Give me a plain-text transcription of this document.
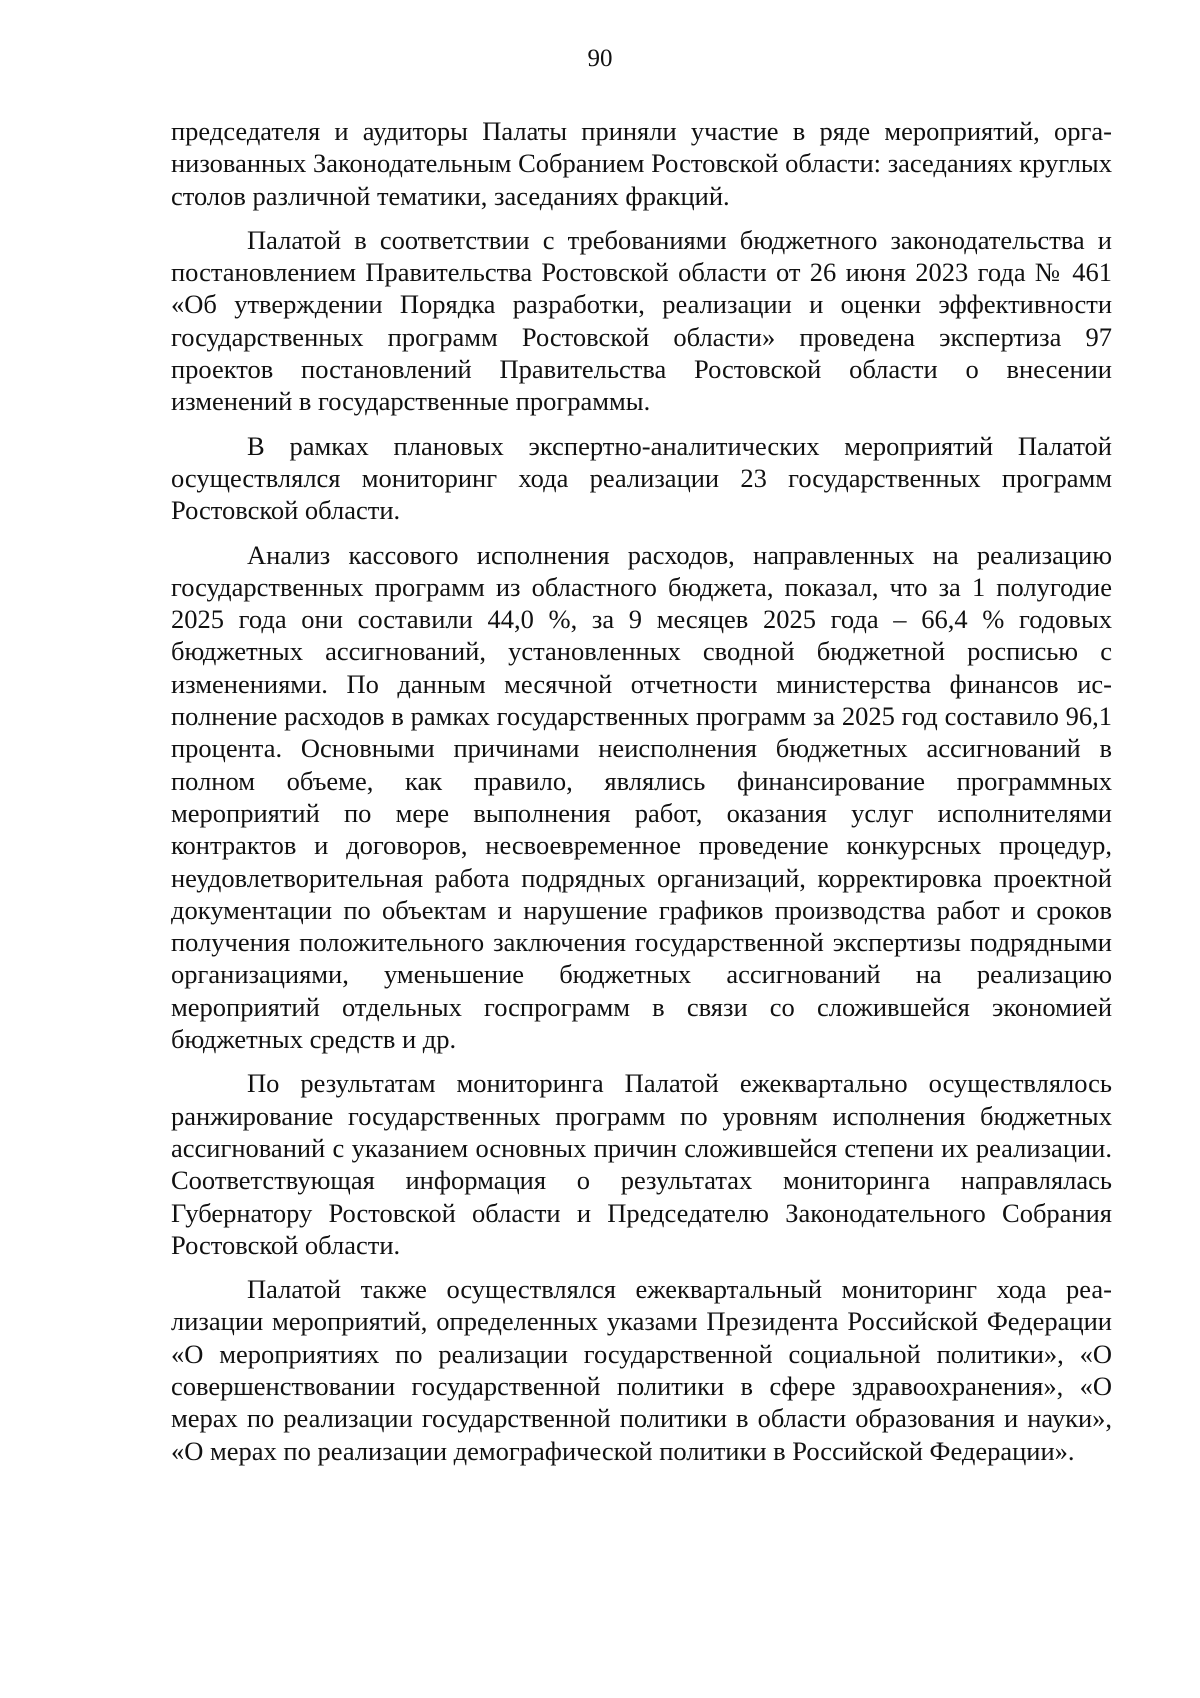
90

председателя и аудиторы Палаты приняли участие в ряде мероприятий, организованных Законодательным Собранием Ростовской области: заседаниях круглых столов различной тематики, заседаниях фракций.

Палатой в соответствии с требованиями бюджетного законодательства и постановлением Правительства Ростовской области от 26 июня 2023 года № 461 «Об утверждении Порядка разработки, реализации и оценки эффективности государственных программ Ростовской области» проведена экспертиза 97 проектов постановлений Правительства Ростовской области о внесении изменений в государственные программы.

В рамках плановых экспертно-аналитических мероприятий Палатой осуществлялся мониторинг хода реализации 23 государственных программ Ростовской области.

Анализ кассового исполнения расходов, направленных на реализацию государственных программ из областного бюджета, показал, что за 1 полугодие 2025 года они составили 44,0 %, за 9 месяцев 2025 года – 66,4 % годовых бюджетных ассигнований, установленных сводной бюджетной росписью с изменениями. По данным месячной отчетности министерства финансов исполнение расходов в рамках государственных программ за 2025 год составило 96,1 процента. Основными причинами неисполнения бюджетных ассигнований в полном объеме, как правило, являлись финансирование программных мероприятий по мере выполнения работ, оказания услуг исполнителями контрактов и договоров, несвоевременное проведение конкурсных процедур, неудовлетворительная работа подрядных организаций, корректировка проектной документации по объектам и нарушение графиков производства работ и сроков получения положительного заключения государственной экспертизы подрядными организациями, уменьшение бюджетных ассигнований на реализацию мероприятий отдельных госпрограмм в связи со сложившейся экономией бюджетных средств и др.

По результатам мониторинга Палатой ежеквартально осуществлялось ранжирование государственных программ по уровням исполнения бюджетных ассигнований с указанием основных причин сложившейся степени их реализации. Соответствующая информация о результатах мониторинга направлялась Губернатору Ростовской области и Председателю Законодательного Собрания Ростовской области.

Палатой также осуществлялся ежеквартальный мониторинг хода реализации мероприятий, определенных указами Президента Российской Федерации «О мероприятиях по реализации государственной социальной политики», «О совершенствовании государственной политики в сфере здравоохранения», «О мерах по реализации государственной политики в области образования и науки», «О мерах по реализации демографической политики в Российской Федерации».
